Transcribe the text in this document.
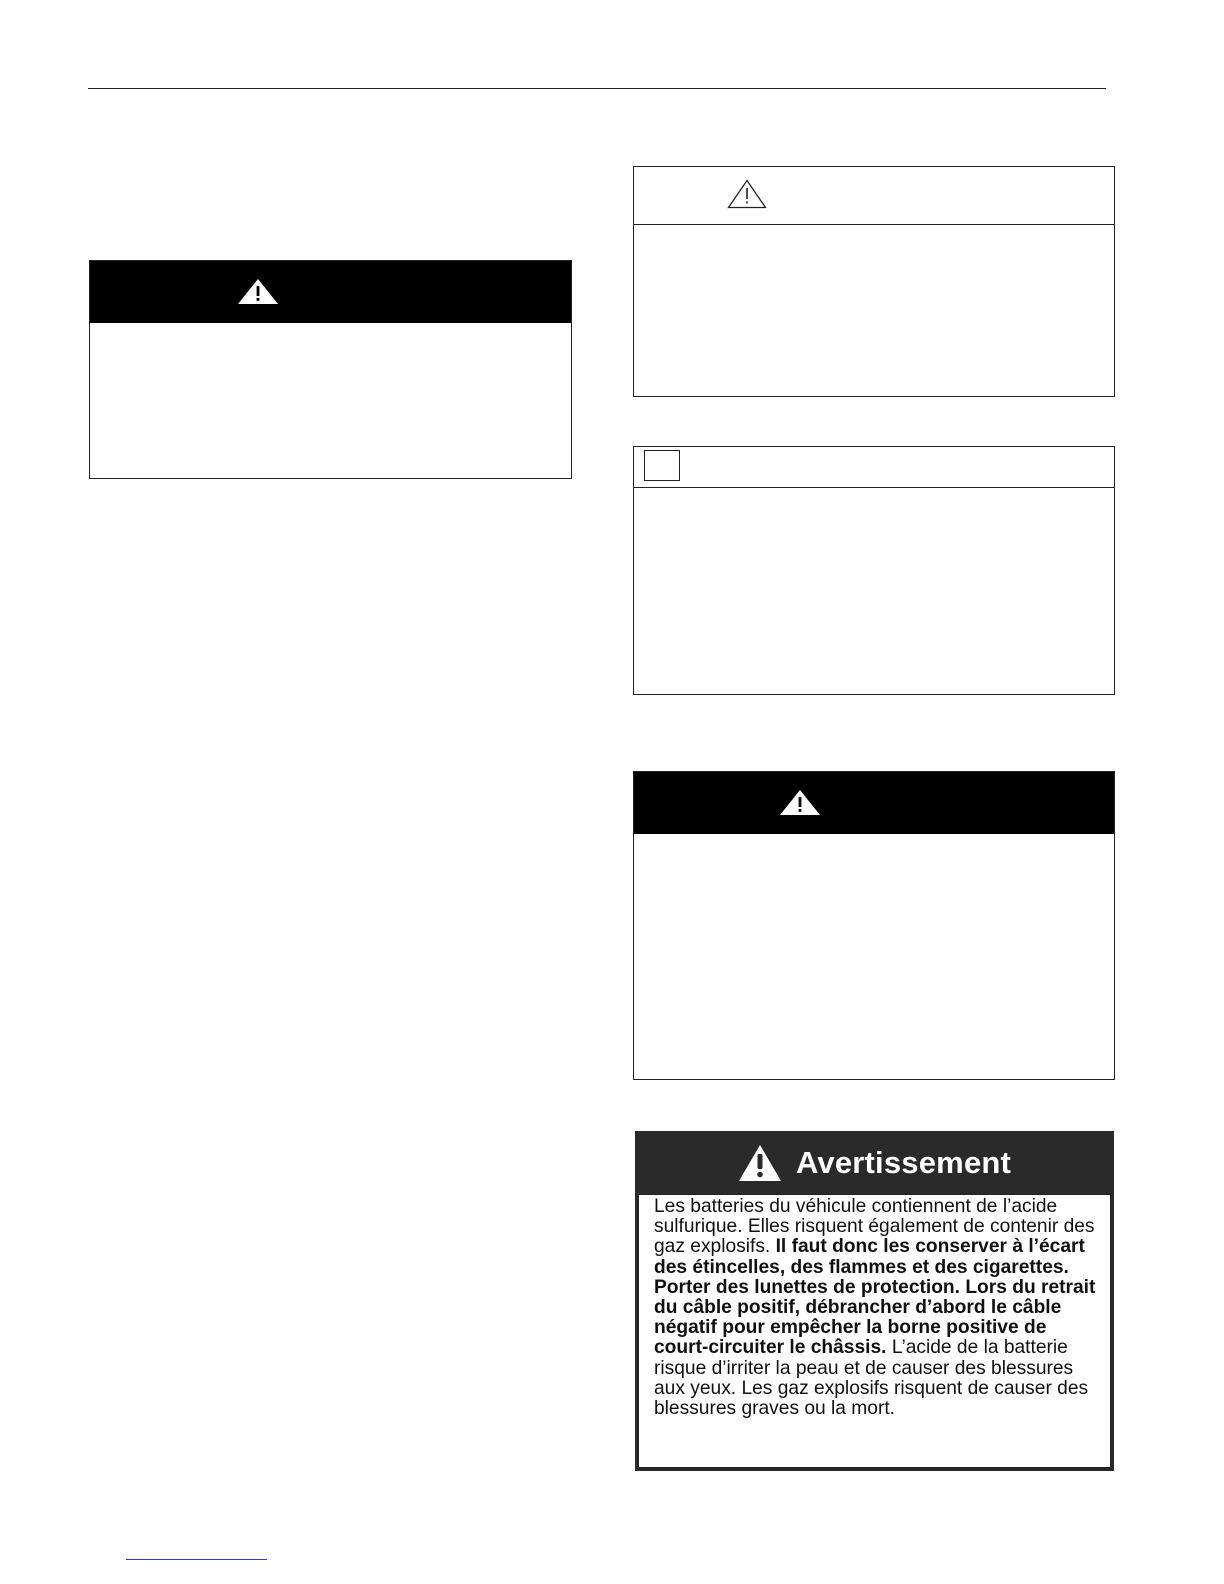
Avertissement

Les batteries du véhicule contiennent de l’acide sulfurique. Elles risquent également de contenir des gaz explosifs. Il faut donc les conserver à l’écart des étincelles, des flammes et des cigarettes. Porter des lunettes de protection. Lors du retrait du câble positif, débrancher d’abord le câble négatif pour empêcher la borne positive de court-circuiter le châssis. L’acide de la batterie risque d’irriter la peau et de causer des blessures aux yeux. Les gaz explosifs risquent de causer des blessures graves ou la mort.
